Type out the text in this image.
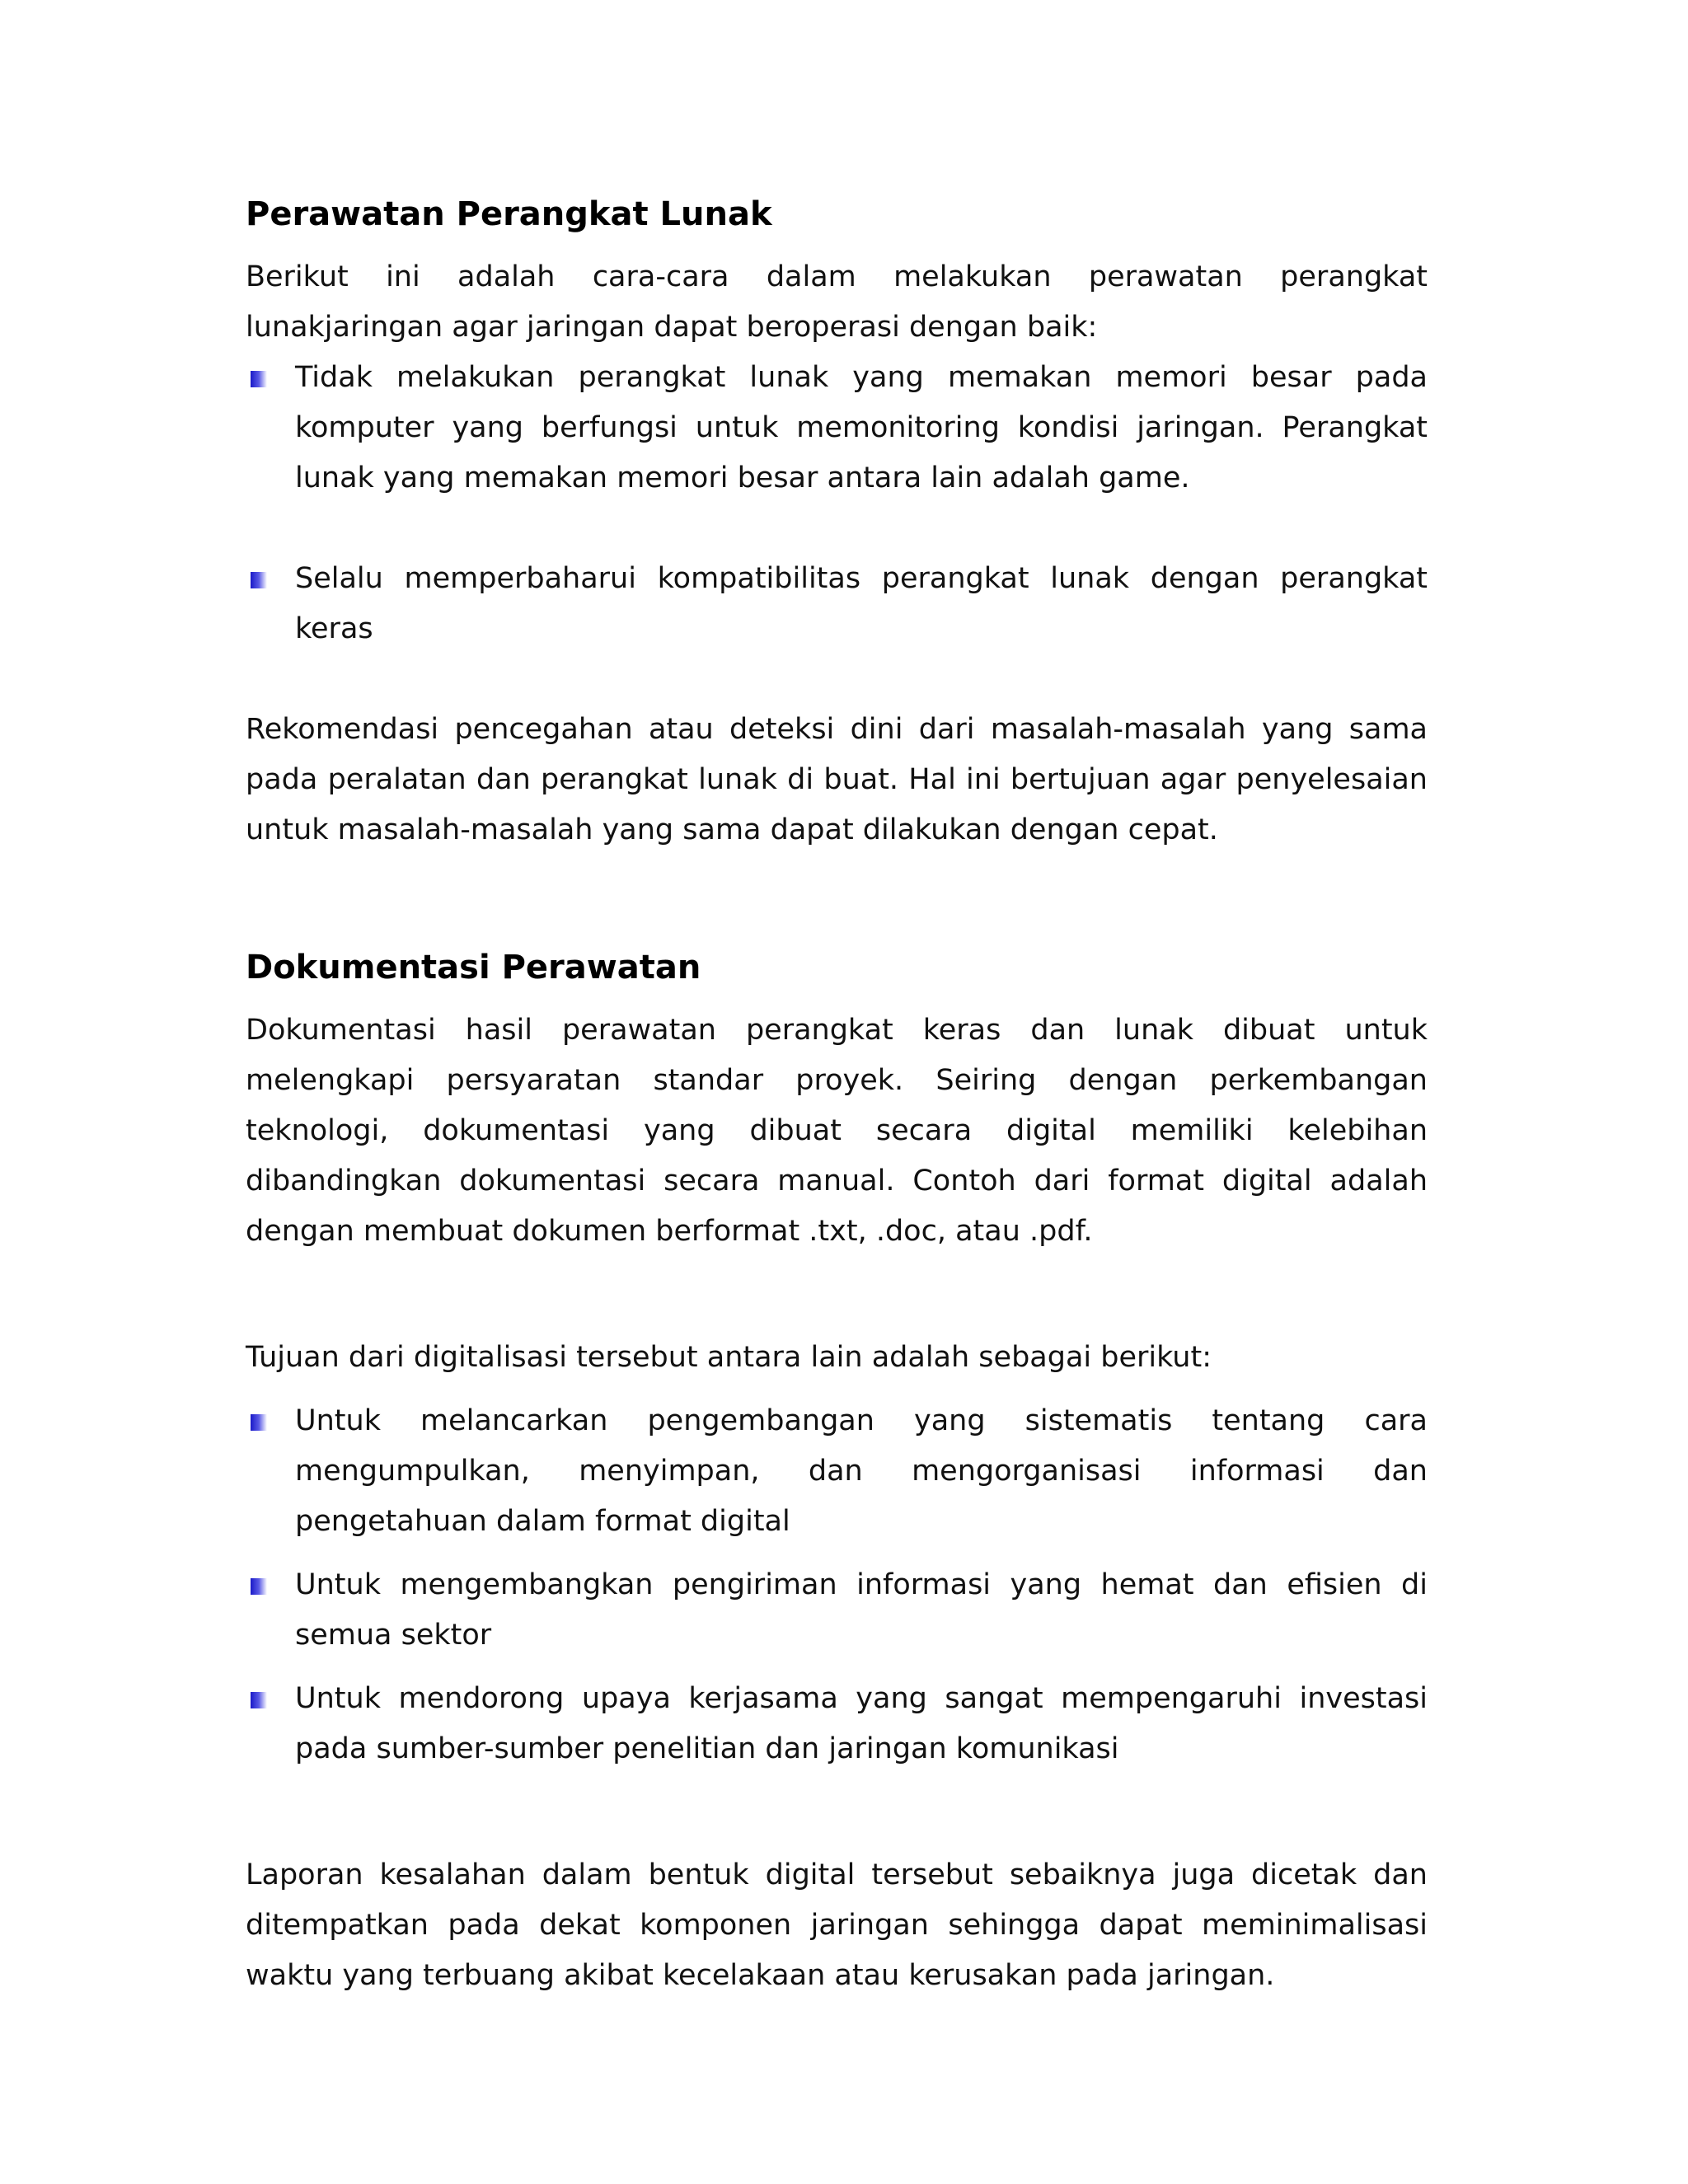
Perawatan Perangkat Lunak

Berikut ini adalah cara-cara dalam melakukan perawatan perangkat lunakjaringan agar jaringan dapat beroperasi dengan baik:

Tidak melakukan perangkat lunak yang memakan memori besar pada komputer yang berfungsi untuk memonitoring kondisi jaringan. Perangkat lunak yang memakan memori besar antara lain adalah game.
Selalu memperbaharui kompatibilitas perangkat lunak dengan perangkat keras

Rekomendasi pencegahan atau deteksi dini dari masalah-masalah yang sama pada peralatan dan perangkat lunak di buat. Hal ini bertujuan agar penyelesaian untuk masalah-masalah yang sama dapat dilakukan dengan cepat.

Dokumentasi Perawatan

Dokumentasi hasil perawatan perangkat keras dan lunak dibuat untuk melengkapi persyaratan standar proyek. Seiring dengan perkembangan teknologi, dokumentasi yang dibuat secara digital memiliki kelebihan dibandingkan dokumentasi secara manual. Contoh dari format digital adalah dengan membuat dokumen berformat .txt, .doc, atau .pdf.

Tujuan dari digitalisasi tersebut antara lain adalah sebagai berikut:

Untuk melancarkan pengembangan yang sistematis tentang cara mengumpulkan, menyimpan, dan mengorganisasi informasi dan pengetahuan dalam format digital
Untuk mengembangkan pengiriman informasi yang hemat dan efisien di semua sektor
Untuk mendorong upaya kerjasama yang sangat mempengaruhi investasi pada sumber-sumber penelitian dan jaringan komunikasi

Laporan kesalahan dalam bentuk digital tersebut sebaiknya juga dicetak dan ditempatkan pada dekat komponen jaringan sehingga dapat meminimalisasi waktu yang terbuang akibat kecelakaan atau kerusakan pada jaringan.
